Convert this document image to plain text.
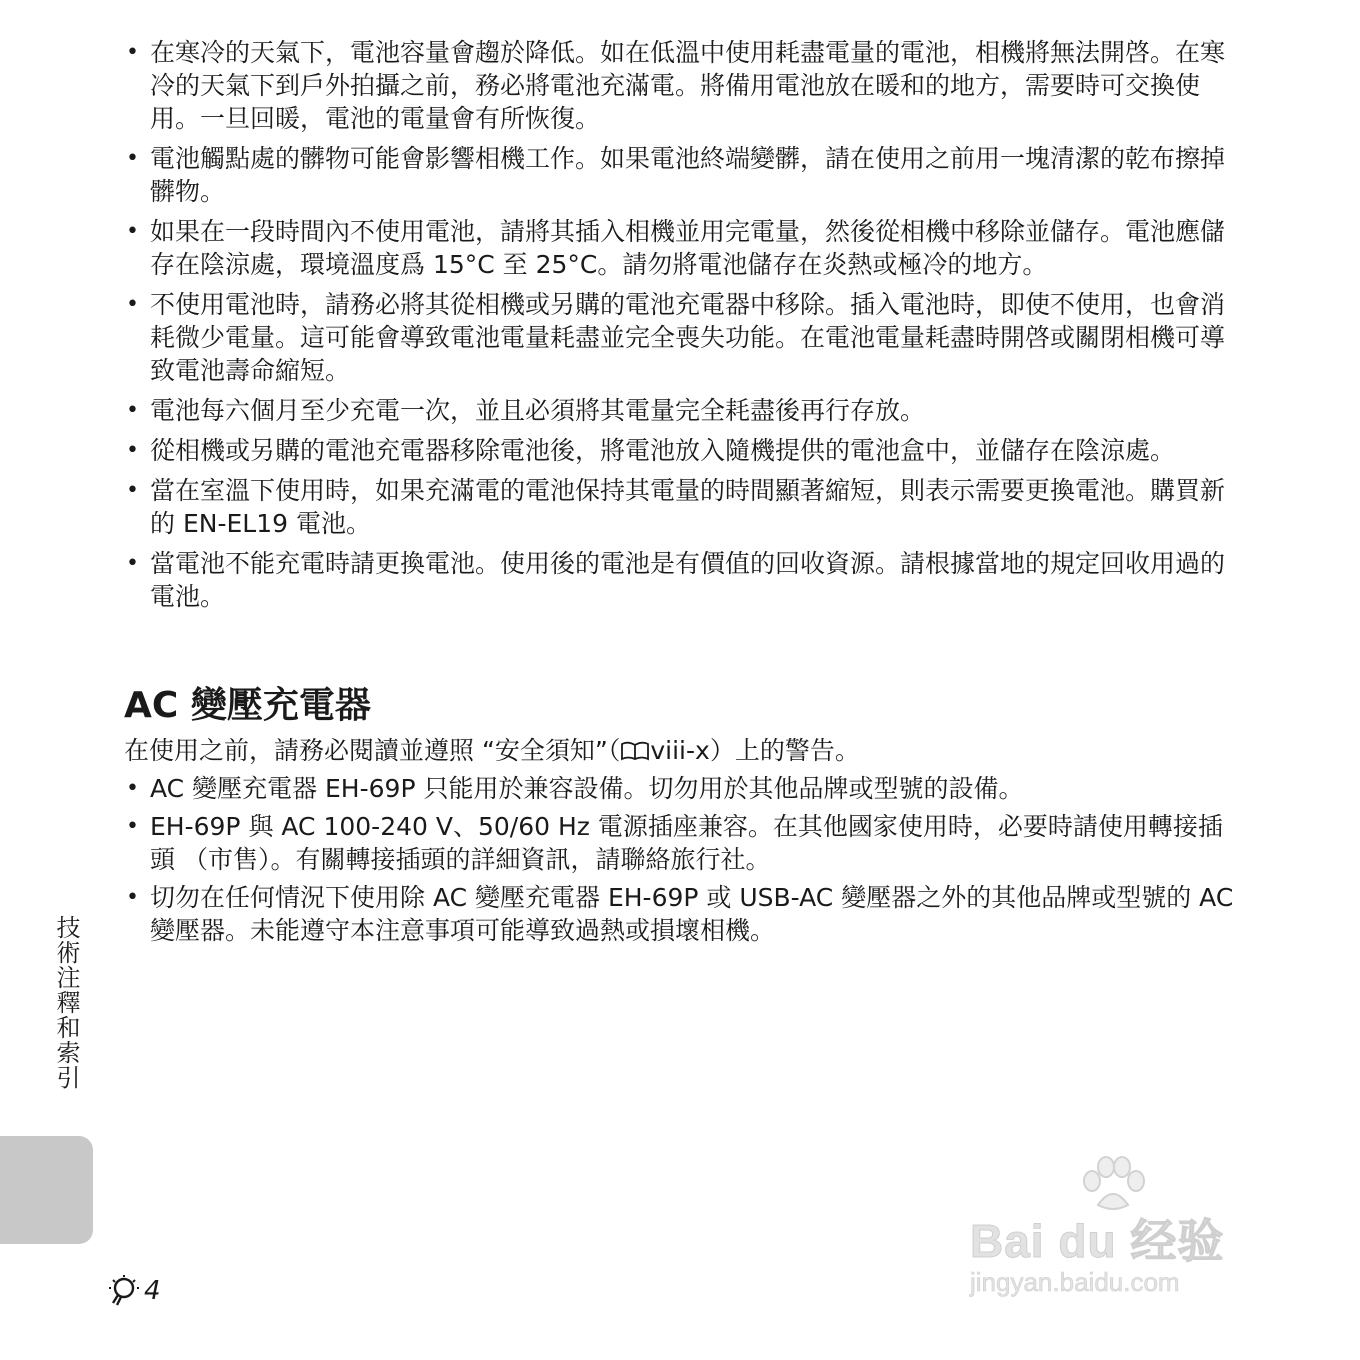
• 在寒冷的天氣下，電池容量會趨於降低。如在低溫中使用耗盡電量的電池，相機將無法開啓。在寒冷的天氣下到戶外拍攝之前，務必將電池充滿電。將備用電池放在暖和的地方，需要時可交換使用。一旦回暖，電池的電量會有所恢復。
• 電池觸點處的髒物可能會影響相機工作。如果電池終端變髒，請在使用之前用一塊清潔的乾布擦掉髒物。
• 如果在一段時間內不使用電池，請將其插入相機並用完電量，然後從相機中移除並儲存。電池應儲存在陰涼處，環境溫度爲 15°C 至 25°C。請勿將電池儲存在炎熱或極冷的地方。
• 不使用電池時，請務必將其從相機或另購的電池充電器中移除。插入電池時，即使不使用，也會消耗微少電量。這可能會導致電池電量耗盡並完全喪失功能。在電池電量耗盡時開啓或關閉相機可導致電池壽命縮短。
• 電池每六個月至少充電一次，並且必須將其電量完全耗盡後再行存放。
• 從相機或另購的電池充電器移除電池後，將電池放入隨機提供的電池盒中，並儲存在陰涼處。
• 當在室溫下使用時，如果充滿電的電池保持其電量的時間顯著縮短，則表示需要更換電池。購買新的 EN-EL19 電池。
• 當電池不能充電時請更換電池。使用後的電池是有價值的回收資源。請根據當地的規定回收用過的電池。
AC 變壓充電器

在使用之前，請務必閱讀並遵照 “安全須知”（ viii-x）上的警告。

• AC 變壓充電器 EH-69P 只能用於兼容設備。切勿用於其他品牌或型號的設備。
• EH-69P 與 AC 100-240 V、50/60 Hz 電源插座兼容。在其他國家使用時，必要時請使用轉接插頭 （市售）。有關轉接插頭的詳細資訊，請聯絡旅行社。
• 切勿在任何情況下使用除 AC 變壓充電器 EH-69P 或 USB-AC 變壓器之外的其他品牌或型號的 AC 變壓器。未能遵守本注意事項可能導致過熱或損壞相機。
技術注釋和索引
4
Bai du 经验
jingyan.baidu.com
